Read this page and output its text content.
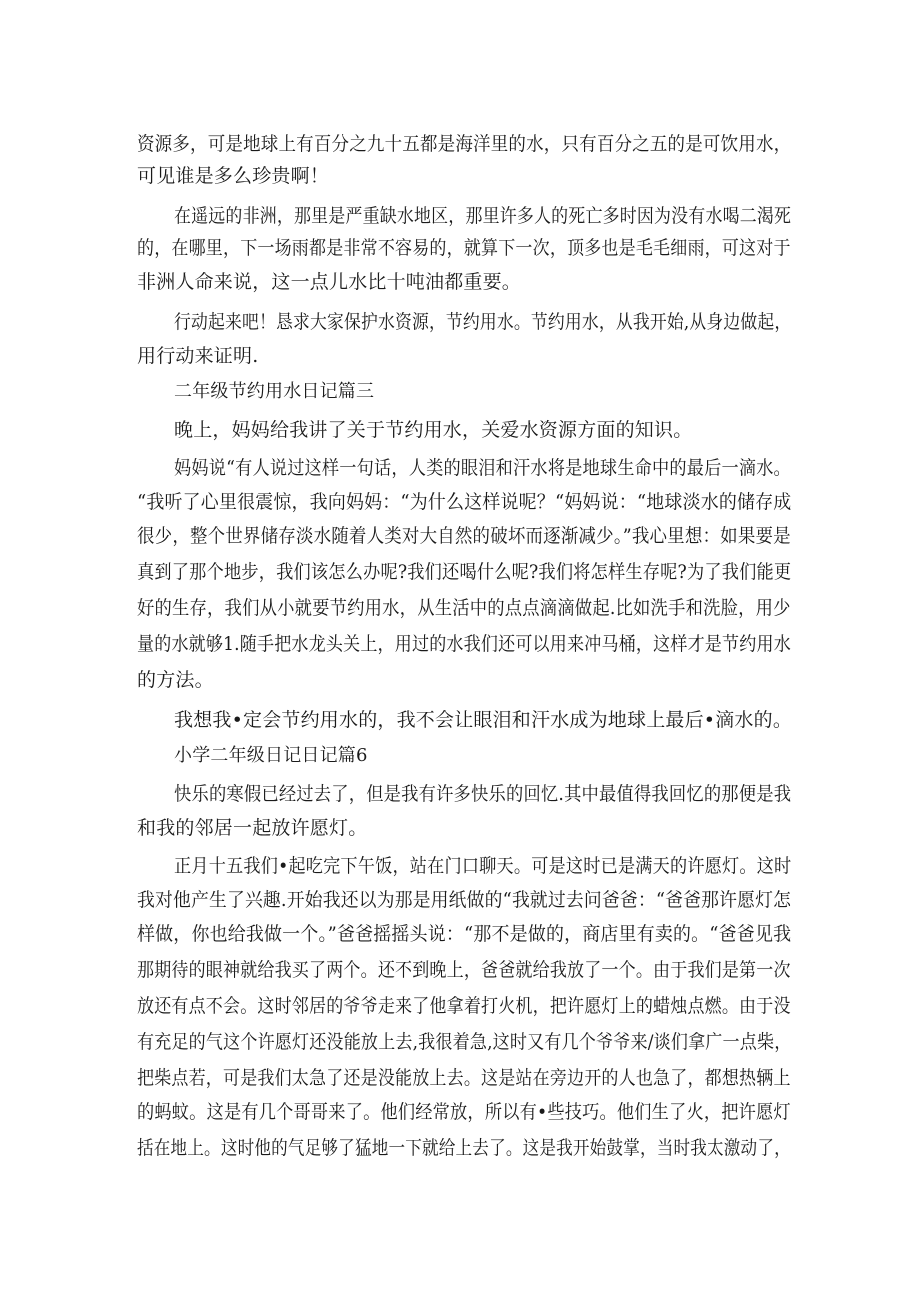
资源多，可是地球上有百分之九十五都是海洋里的水，只有百分之五的是可饮用水，
可见谁是多么珍贵啊！
在遥远的非洲，那里是严重缺水地区，那里许多人的死亡多时因为没有水喝二渴死
的，在哪里，下一场雨都是非常不容易的，就算下一次，顶多也是毛毛细雨，可这对于
非洲人命来说，这一点儿水比十吨油都重要。
行动起来吧！恳求大家保护水资源，节约用水。节约用水，从我开始,从身边做起，
用行动来证明.
二年级节约用水日记篇三
晚上，妈妈给我讲了关于节约用水，关爱水资源方面的知识。
妈妈说“有人说过这样一句话，人类的眼泪和汗水将是地球生命中的最后一滴水。
“我听了心里很震惊，我向妈妈：“为什么这样说呢？“妈妈说：“地球淡水的储存成
很少，整个世界储存淡水随着人类对大自然的破坏而逐渐减少。”我心里想：如果要是
真到了那个地步，我们该怎么办呢?我们还喝什么呢?我们将怎样生存呢?为了我们能更
好的生存，我们从小就要节约用水，从生活中的点点滴滴做起.比如洗手和洗脸，用少
量的水就够1.随手把水龙头关上，用过的水我们还可以用来冲马桶，这样才是节约用水
的方法。
我想我•定会节约用水的，我不会让眼泪和汗水成为地球上最后•滴水的。
小学二年级日记日记篇6
快乐的寒假已经过去了，但是我有许多快乐的回忆.其中最值得我回忆的那便是我
和我的邻居一起放许愿灯。
正月十五我们•起吃完下午饭，站在门口聊天。可是这时已是满天的许愿灯。这时
我对他产生了兴趣.开始我还以为那是用纸做的“我就过去问爸爸：“爸爸那许愿灯怎
样做，你也给我做一个。”爸爸摇摇头说：“那不是做的，商店里有卖的。“爸爸见我
那期待的眼神就给我买了两个。还不到晚上，爸爸就给我放了一个。由于我们是第一次
放还有点不会。这时邻居的爷爷走来了他拿着打火机，把许愿灯上的蜡烛点燃。由于没
有充足的气这个许愿灯还没能放上去,我很着急,这时又有几个爷爷来/谈们拿广一点柴，
把柴点若，可是我们太急了还是没能放上去。这是站在旁边开的人也急了，都想热辆上
的蚂蚊。这是有几个哥哥来了。他们经常放，所以有•些技巧。他们生了火，把许愿灯
括在地上。这时他的气足够了猛地一下就给上去了。这是我开始鼓掌，当时我太激动了，
